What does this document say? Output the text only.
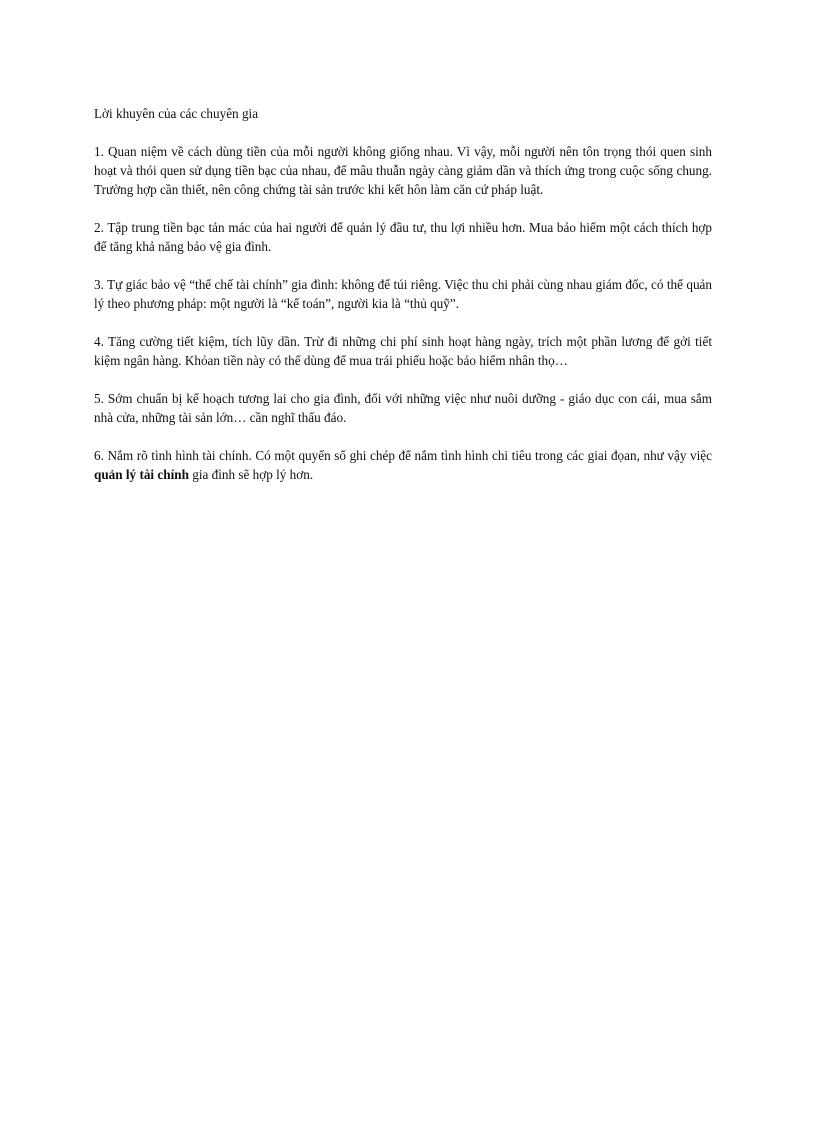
Lời khuyên của các chuyên gia

1. Quan niệm về cách dùng tiền của mỗi người không giống nhau. Vì vậy, mỗi người nên tôn trọng thói quen sinh hoạt và thói quen sử dụng tiền bạc của nhau, để mâu thuẫn ngày càng giảm dần và thích ứng trong cuộc sống chung. Trường hợp cần thiết, nên công chứng tài sản trước khi kết hôn làm căn cứ pháp luật.

2. Tập trung tiền bạc tản mác của hai người để quản lý đầu tư, thu lợi nhiều hơn. Mua bảo hiểm một cách thích hợp để tăng khả năng bảo vệ gia đình.

3. Tự giác bảo vệ “thể chế tài chính” gia đình: không để túi riêng. Việc thu chi phải cùng nhau giám đốc, có thể quản lý theo phương pháp: một người là “kế toán”, người kia là “thủ quỹ”.

4. Tăng cường tiết kiệm, tích lũy dần. Trừ đi những chi phí sinh hoạt hàng ngày, trích một phần lương để gởi tiết kiệm ngân hàng. Khỏan tiền này có thể dùng để mua trái phiếu hoặc bảo hiểm nhân thọ…

5. Sớm chuẩn bị kế hoạch tương lai cho gia đình, đối với những việc như nuôi dưỡng - giáo dục con cái, mua sắm nhà cửa, những tài sản lớn… cần nghĩ thấu đáo.

6. Nắm rõ tình hình tài chính. Có một quyển sổ ghi chép để nắm tình hình chi tiêu trong các giai đọan, như vậy việc quản lý tài chính gia đình sẽ hợp lý hơn.
